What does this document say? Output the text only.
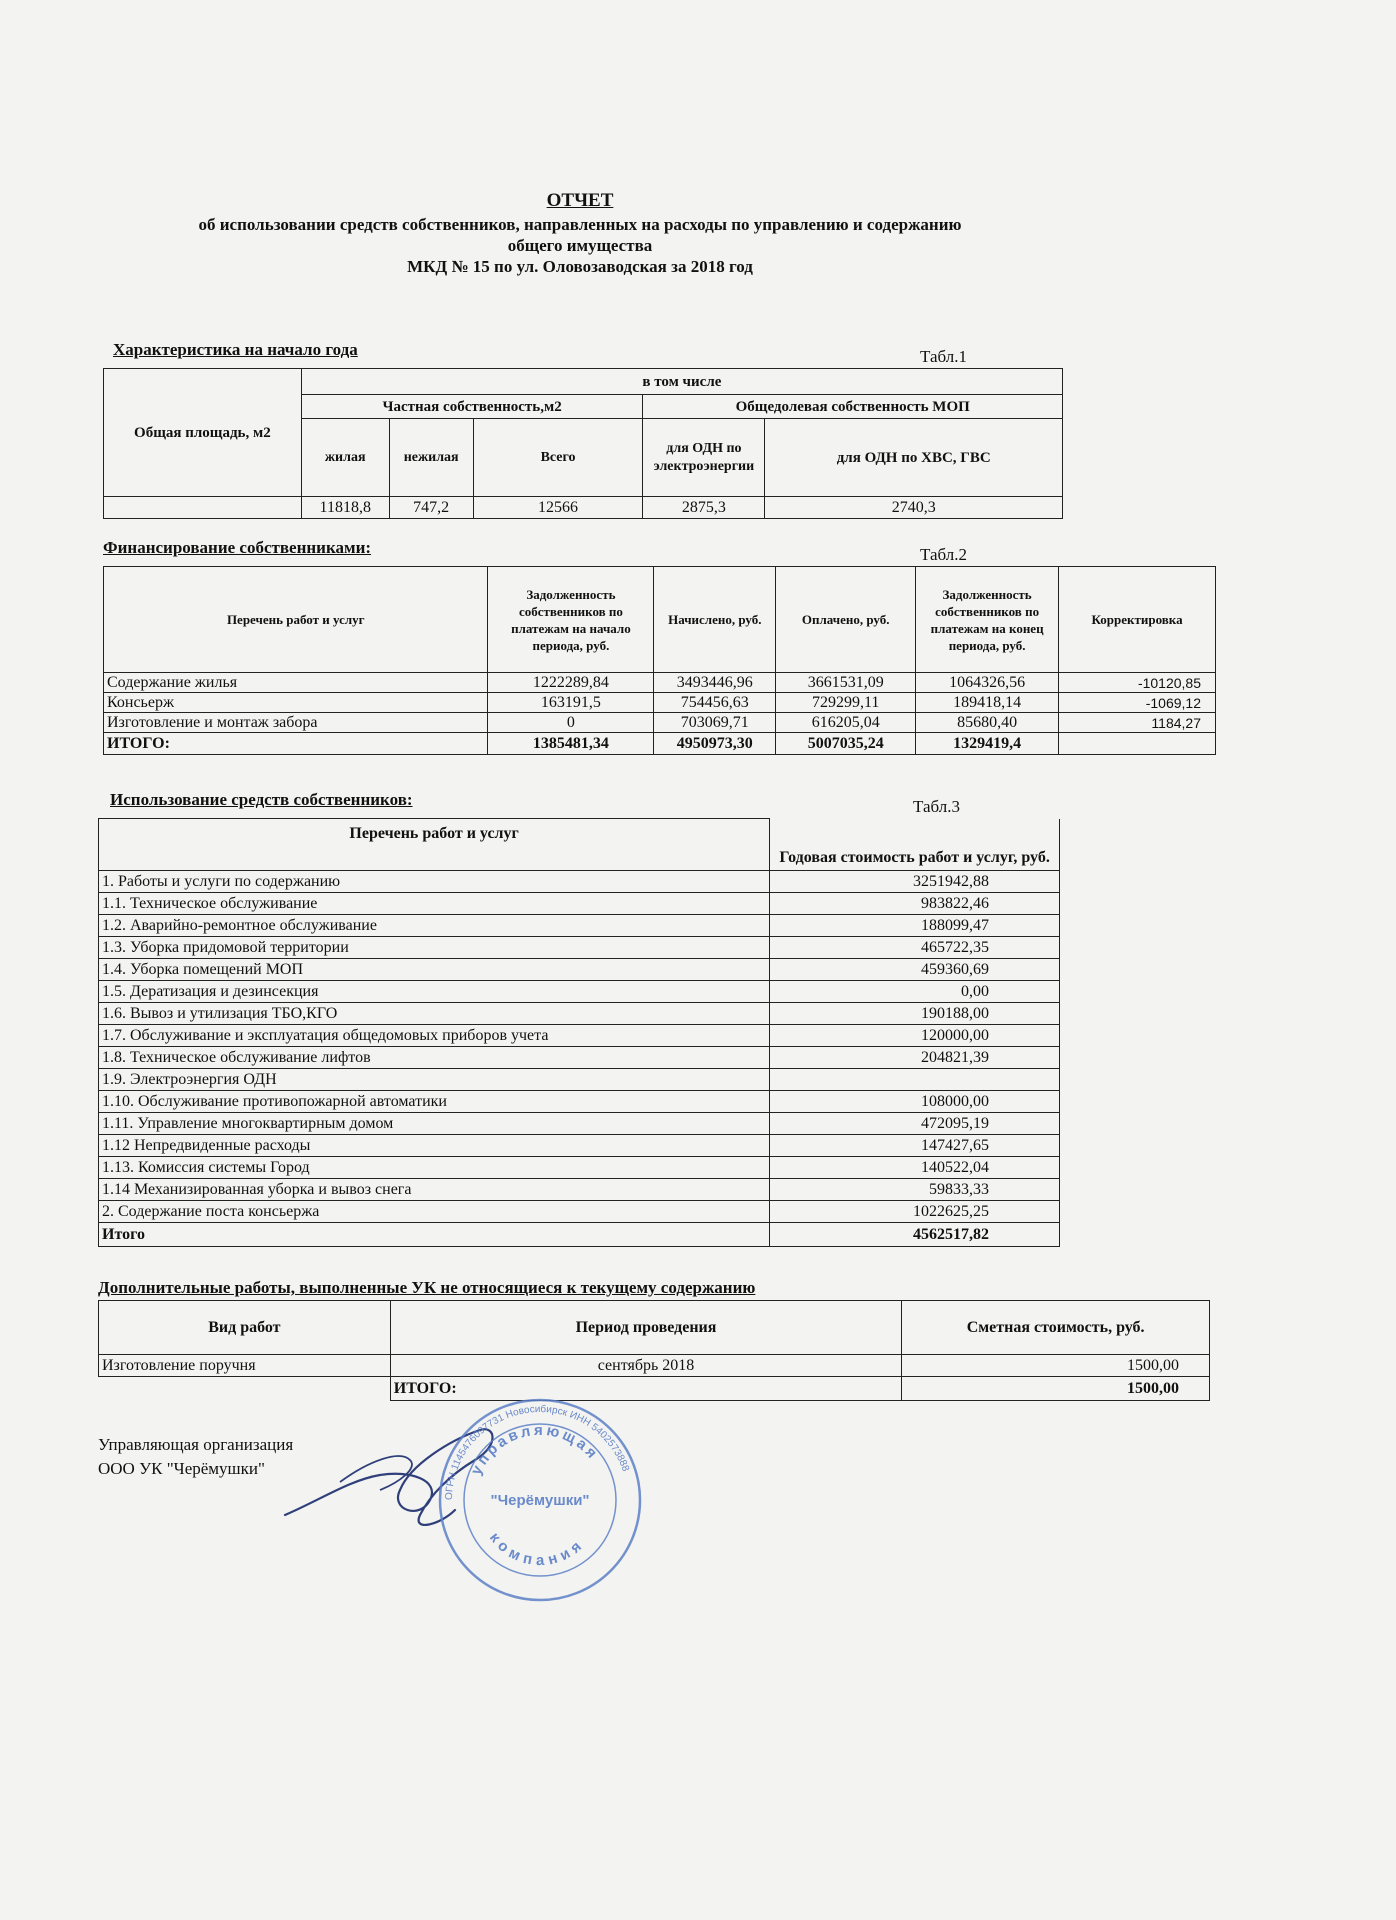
ОТЧЕТ
об использовании средств собственников, направленных на расходы по управлению и содержанию
общего имущества
МКД № 15 по ул. Оловозаводская за 2018 год
Характеристика на начало года	Табл.1
Общая площадь, м2	в том числе				
	Частная собственность,м2			Общедолевая собственность МОП	
	жилая	нежилая	Всего	для ОДН по электроэнергии	для ОДН по ХВС, ГВС
	11818,8	747,2	12566	2875,3	2740,3
Финансирование собственниками:	Табл.2
Перечень работ и услуг	Задолженность собственников по платежам на начало периода, руб.	Начислено, руб.	Оплачено, руб.	Задолженность собственников по платежам на конец периода, руб.	Корректировка
Содержание жилья	1222289,84	3493446,96	3661531,09	1064326,56	-10120,85
Консьерж	163191,5	754456,63	729299,11	189418,14	-1069,12
Изготовление и монтаж забора	0	703069,71	616205,04	85680,40	1184,27
ИТОГО:	1385481,34	4950973,30	5007035,24	1329419,4	
Использование средств собственников:	Табл.3
Перечень работ и услуг	Годовая стоимость работ и услуг, руб.
1. Работы и услуги по содержанию	3251942,88
1.1. Техническое обслуживание	983822,46
1.2. Аварийно-ремонтное обслуживание	188099,47
1.3. Уборка придомовой территории	465722,35
1.4. Уборка помещений МОП	459360,69
1.5. Дератизация и дезинсекция	0,00
1.6. Вывоз и утилизация ТБО,КГО	190188,00
1.7. Обслуживание и эксплуатация общедомовых приборов учета	120000,00
1.8. Техническое обслуживание лифтов	204821,39
1.9. Электроэнергия ОДН	
1.10. Обслуживание противопожарной автоматики	108000,00
1.11. Управление многоквартирным домом	472095,19
1.12 Непредвиденные расходы	147427,65
1.13. Комиссия системы Город	140522,04
1.14 Механизированная уборка и вывоз снега	59833,33
2. Содержание поста консьержа	1022625,25
Итого	4562517,82
Дополнительные работы, выполненные УК не относящиеся к текущему содержанию
Вид работ	Период проведения	Сметная стоимость, руб.
Изготовление поручня	сентябрь 2018	1500,00
	ИТОГО:	1500,00
Управляющая организация
ООО УК "Черёмушки"
ОГРН 1145476097731 Новосибирск ИНН 5402573888
управляющая
"Черёмушки"
компания
